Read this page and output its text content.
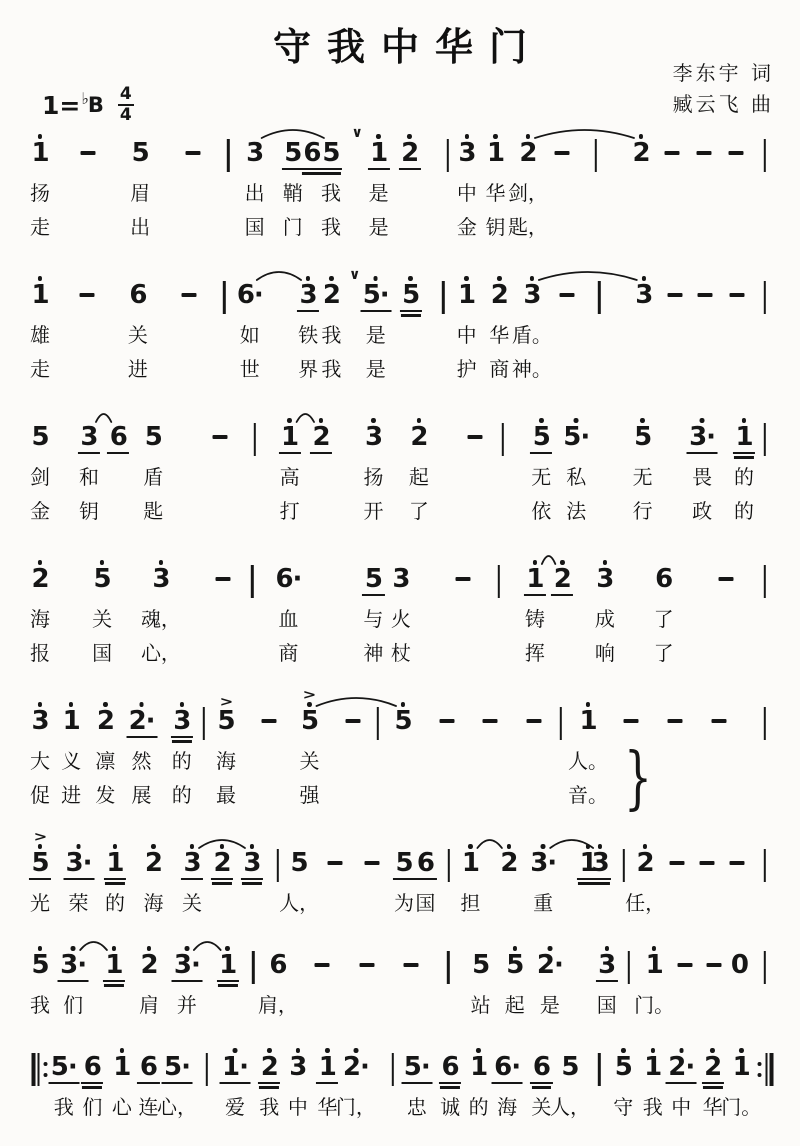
守我中华门
李东宇 词
臧云飞 曲
1=♭ B $\frac{4}{4}$
1	5	3 5 6 5
∨
1 2 3 1 2	2
扬	眉	出 鞘 我 是	中 华 剑，
走	出	国 门 我 是	金 钥 匙，
1	6	6· 3 2
∨
5· 5 1 2 3	3
雄	关	如 铁 我 是	中 华 盾。
走	进	世 界 我 是	护 商 神。
5 3 6 5	1 2 3 2	5 5· 5 3· 1
剑 和 盾	高	扬 起	无 私 无 畏 的
金 钥 匙	打	开 了	依 法 行 政 的
2 5 3	6· 5 3	1 2 3 6
海 关 魂，	血	与 火	铸 成 了
报 国 心，	商	神 杖	挥 响 了
3 1 2 2· 3
>
5
>
5	5	1
大 义 凛 然 的 海	关	人。
促 进 发 展 的 最	强	音。 }
>
5 3· 1 2 3 2 3 5	5 6 1 2 3· 1
3 2
光 荣 的 海 关	人，	为 国 担	重	任，
5 3· 1 2 3· 1 6	5 5 2· 3 1	0
我 们	肩 并	肩，	站 起 是 国 门。
5· 6 1 6 5· 1· 2 3 1 2· 5· 6 1 6· 6 5 5 1 2· 2 1
我 们 心 连
心， 爱 我 中 华
门， 忠 诚 的 海 关
人， 守 我 中 华
门。
